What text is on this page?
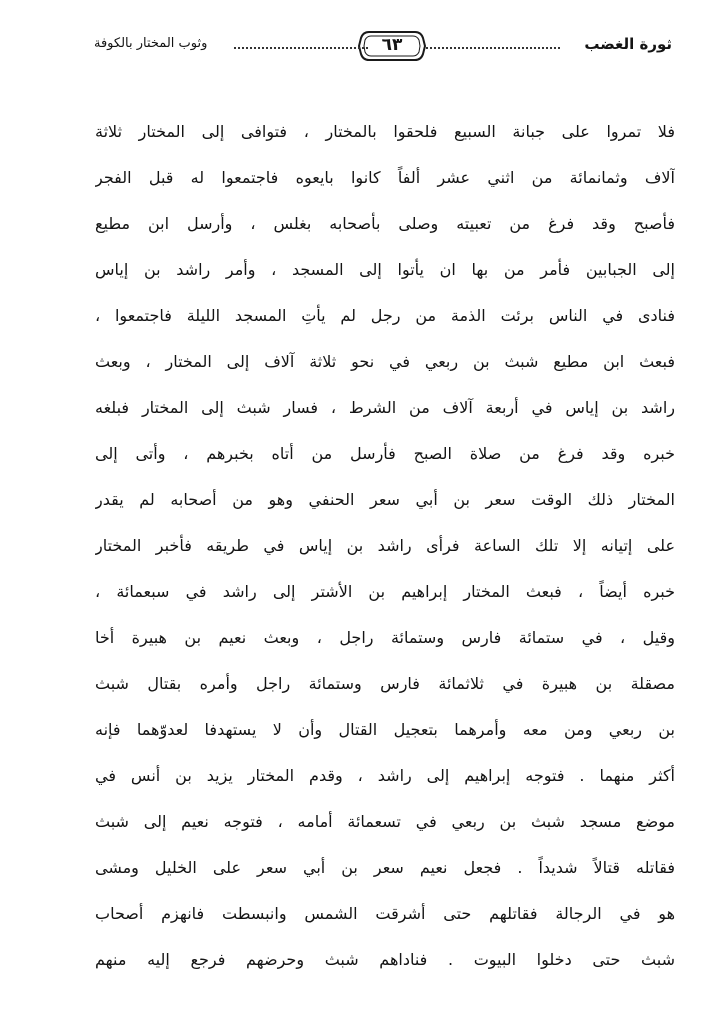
ثورة الغضب
٦٣
وثوب المختار بالكوفة
فلا تمروا على جبانة السبيع فلحقوا بالمختار ، فتوافى إلى المختار ثلاثة
آلاف وثمانمائة من اثني عشر ألفاً كانوا بايعوه فاجتمعوا له قبل الفجر
فأصبح وقد فرغ من تعبيته وصلى بأصحابه بغلس ، وأرسل ابن مطيع
إلى الجبابين فأمر من بها ان يأتوا إلى المسجد ، وأمر راشد بن إياس
فنادى في الناس برئت الذمة من رجل لم يأتِ المسجد الليلة فاجتمعوا ،
فبعث ابن مطيع شبث بن ربعي في نحو ثلاثة آلاف إلى المختار ، وبعث
راشد بن إياس في أربعة آلاف من الشرط ، فسار شبث إلى المختار فبلغه
خبره وقد فرغ من صلاة الصبح فأرسل من أتاه بخبرهم ، وأتى إلى
المختار ذلك الوقت سعر بن أبي سعر الحنفي وهو من أصحابه لم يقدر
على إتيانه إلا تلك الساعة فرأى راشد بن إياس في طريقه فأخبر المختار
خبره أيضاً ، فبعث المختار إبراهيم بن الأشتر إلى راشد في سبعمائة ،
وقيل ، في ستمائة فارس وستمائة راجل ، وبعث نعيم بن هبيرة أخا
مصقلة بن هبيرة في ثلاثمائة فارس وستمائة راجل وأمره بقتال شبث
بن ربعي ومن معه وأمرهما بتعجيل القتال وأن لا يستهدفا لعدوّهما فإنه
أكثر منهما . فتوجه إبراهيم إلى راشد ، وقدم المختار يزيد بن أنس في
موضع مسجد شبث بن ربعي في تسعمائة أمامه ، فتوجه نعيم إلى شبث
فقاتله قتالاً شديداً . فجعل نعيم سعر بن أبي سعر على الخليل ومشى
هو في الرجالة فقاتلهم حتى أشرقت الشمس وانبسطت فانهزم أصحاب
شبث حتى دخلوا البيوت . فناداهم شبث وحرضهم فرجع إليه منهم
